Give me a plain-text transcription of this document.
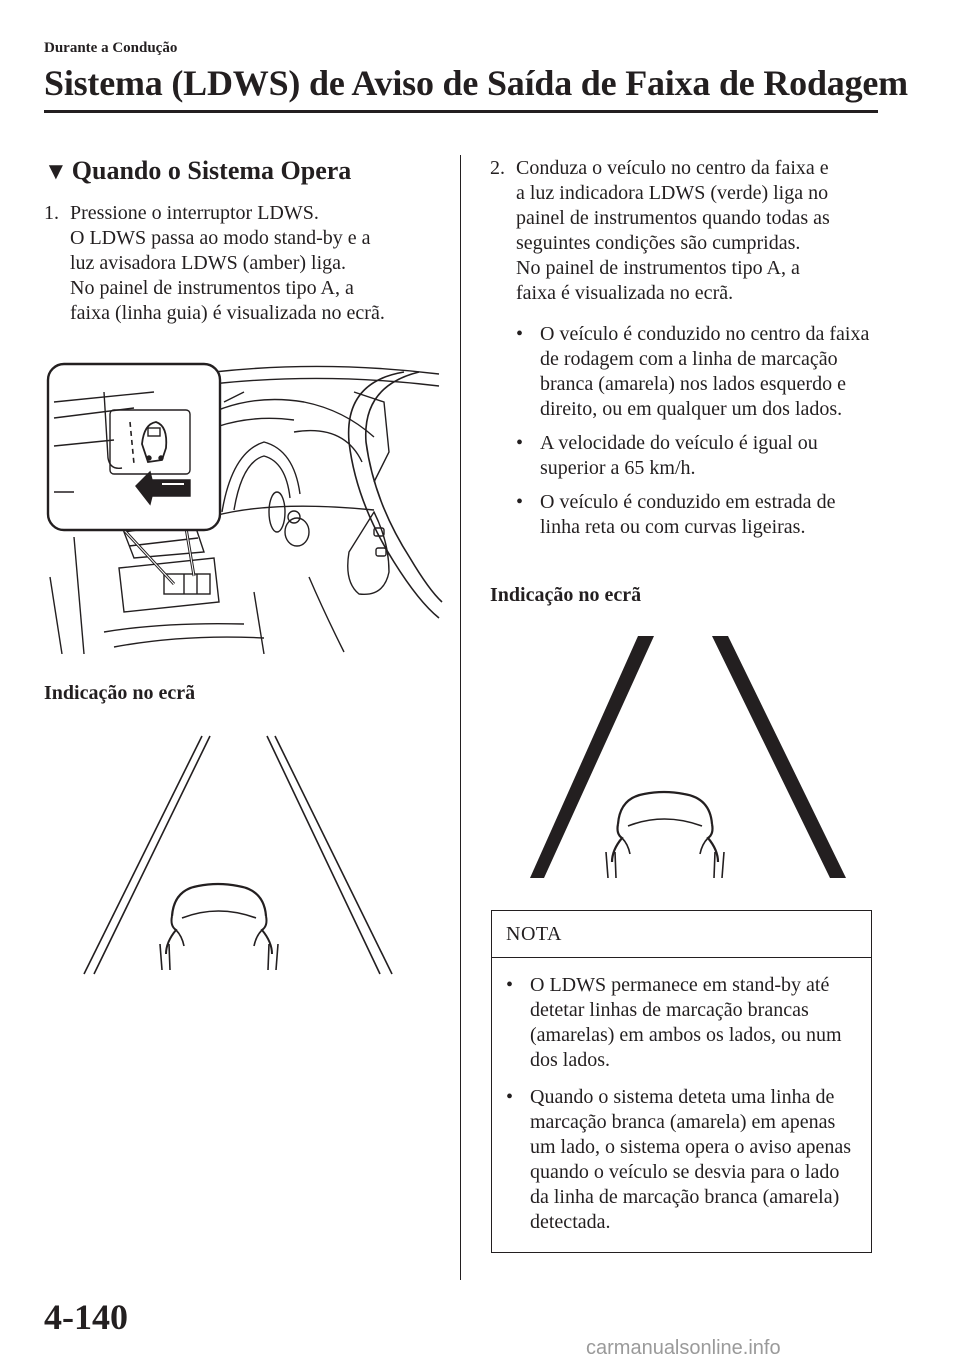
Durante a Condução
Sistema (LDWS) de Aviso de Saída de Faixa de Rodagem
▼ Quando o Sistema Opera
1. Pressione o interruptor LDWS.

O LDWS passa ao modo stand-by e a

luz avisadora LDWS (amber) liga.

No painel de instrumentos tipo A, a

faixa (linha guia) é visualizada no ecrã.

Indicação no ecrã
2. Conduza o veículo no centro da faixa e

a luz indicadora LDWS (verde) liga no

painel de instrumentos quando todas as

seguintes condições são cumpridas.

No painel de instrumentos tipo A, a

faixa é visualizada no ecrã.

• O veículo é conduzido no centro da faixa de rodagem com a linha de marcação branca (amarela) nos lados esquerdo e direito, ou em qualquer um dos lados.
• A velocidade do veículo é igual ou superior a 65 km/h.
• O veículo é conduzido em estrada de linha reta ou com curvas ligeiras.
Indicação no ecrã
NOTA
• O LDWS permanece em stand-by até detetar linhas de marcação brancas (amarelas) em ambos os lados, ou num dos lados.
• Quando o sistema deteta uma linha de marcação branca (amarela) em apenas um lado, o sistema opera o aviso apenas quando o veículo se desvia para o lado da linha de marcação branca (amarela) detectada.
4-140
carmanualsonline.info
